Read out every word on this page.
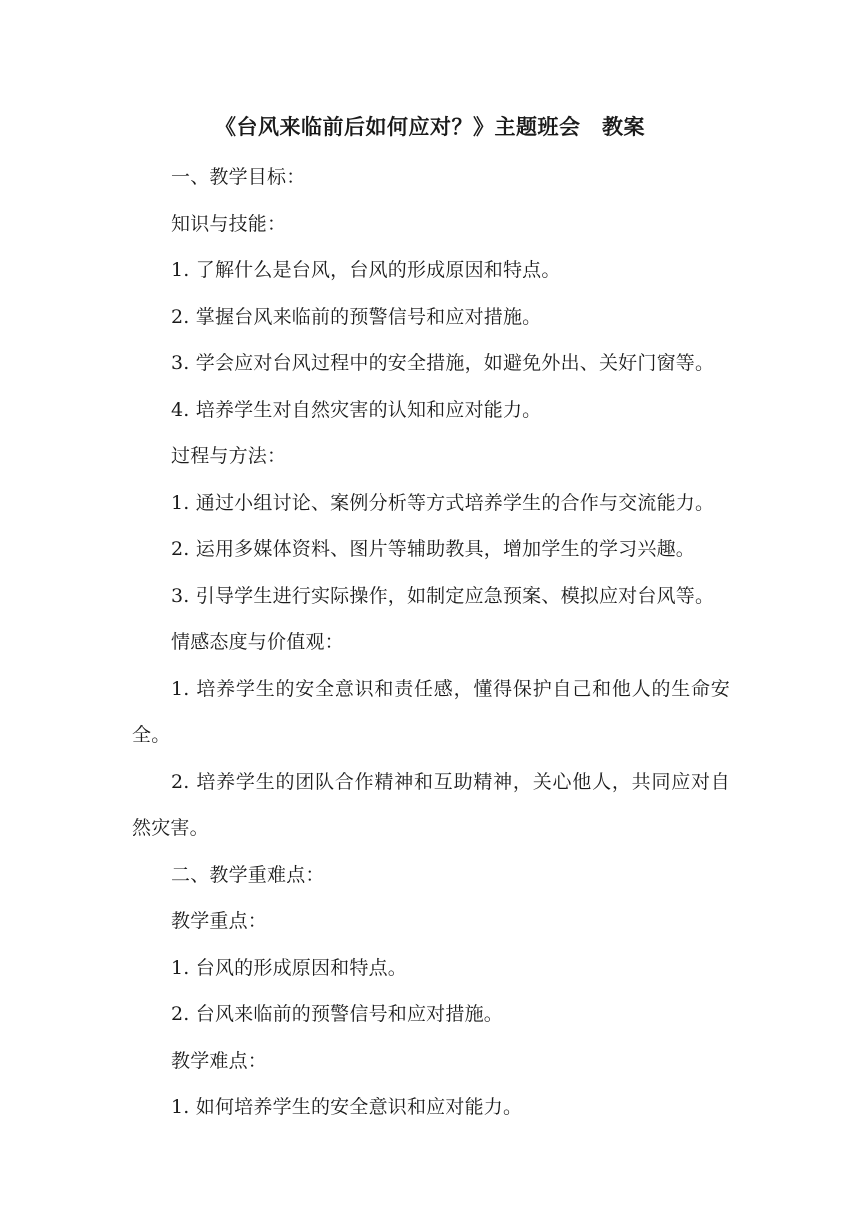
《台风来临前后如何应对？》主题班会　教案
一、教学目标：
知识与技能：
1. 了解什么是台风，台风的形成原因和特点。
2. 掌握台风来临前的预警信号和应对措施。
3. 学会应对台风过程中的安全措施，如避免外出、关好门窗等。
4. 培养学生对自然灾害的认知和应对能力。
过程与方法：
1. 通过小组讨论、案例分析等方式培养学生的合作与交流能力。
2. 运用多媒体资料、图片等辅助教具，增加学生的学习兴趣。
3. 引导学生进行实际操作，如制定应急预案、模拟应对台风等。
情感态度与价值观：
1. 培养学生的安全意识和责任感，懂得保护自己和他人的生命安全。
2. 培养学生的团队合作精神和互助精神，关心他人，共同应对自然灾害。
二、教学重难点：
教学重点：
1. 台风的形成原因和特点。
2. 台风来临前的预警信号和应对措施。
教学难点：
1. 如何培养学生的安全意识和应对能力。
